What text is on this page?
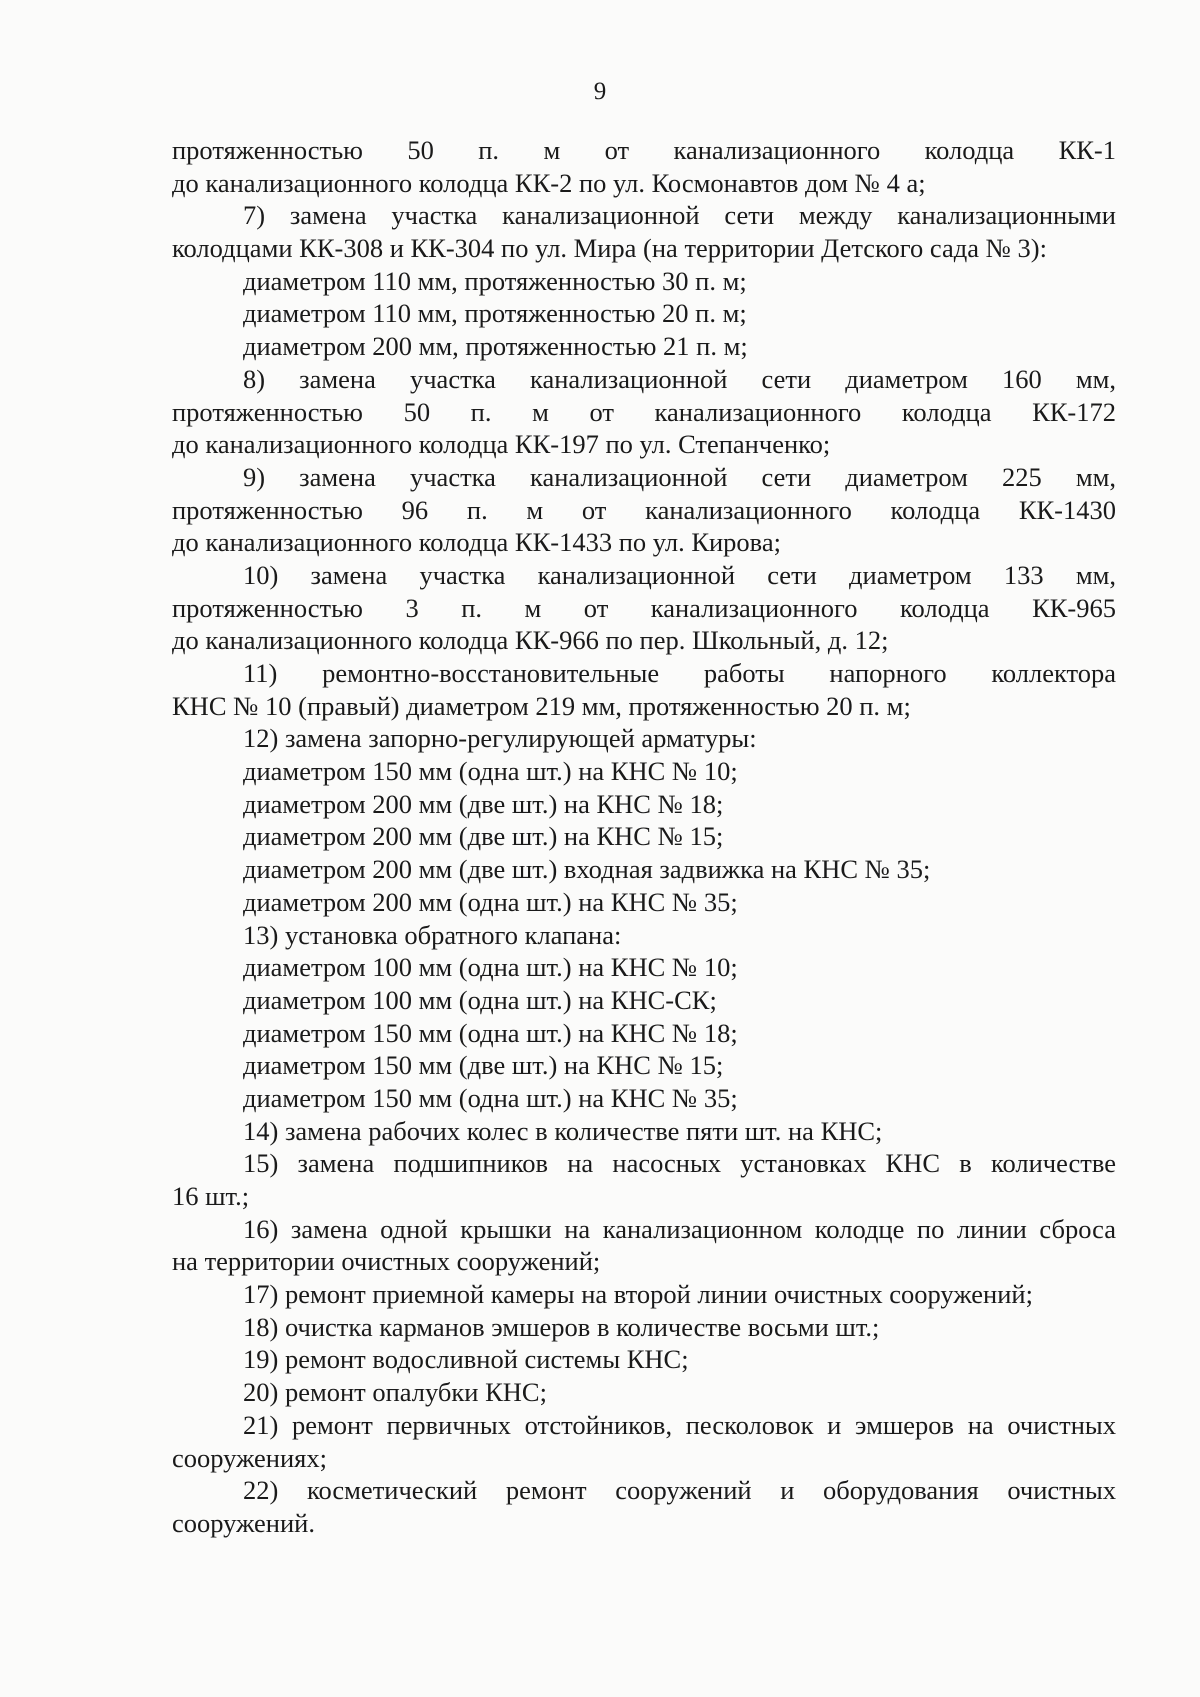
9
протяженностью 50 п. м от канализационного колодца КК-1
до канализационного колодца КК-2 по ул. Космонавтов дом № 4 а;
7) замена участка канализационной сети между канализационными
колодцами КК-308 и КК-304 по ул. Мира (на территории Детского сада № 3):
диаметром 110 мм, протяженностью 30 п. м;
диаметром 110 мм, протяженностью 20 п. м;
диаметром 200 мм, протяженностью 21 п. м;
8) замена участка канализационной сети диаметром 160 мм,
протяженностью 50 п. м от канализационного колодца КК-172
до канализационного колодца КК-197 по ул. Степанченко;
9) замена участка канализационной сети диаметром 225 мм,
протяженностью 96 п. м от канализационного колодца КК-1430
до канализационного колодца КК-1433 по ул. Кирова;
10) замена участка канализационной сети диаметром 133 мм,
протяженностью 3 п. м от канализационного колодца КК-965
до канализационного колодца КК-966 по пер. Школьный, д. 12;
11) ремонтно-восстановительные работы напорного коллектора
КНС № 10 (правый) диаметром 219 мм, протяженностью 20 п. м;
12) замена запорно-регулирующей арматуры:
диаметром 150 мм (одна шт.) на КНС № 10;
диаметром 200 мм (две шт.) на КНС № 18;
диаметром 200 мм (две шт.) на КНС № 15;
диаметром 200 мм (две шт.) входная задвижка на КНС № 35;
диаметром 200 мм (одна шт.) на КНС № 35;
13) установка обратного клапана:
диаметром 100 мм (одна шт.) на КНС № 10;
диаметром 100 мм (одна шт.) на КНС-СК;
диаметром 150 мм (одна шт.) на КНС № 18;
диаметром 150 мм (две шт.) на КНС № 15;
диаметром 150 мм (одна шт.) на КНС № 35;
14) замена рабочих колес в количестве пяти шт. на КНС;
15) замена подшипников на насосных установках КНС в количестве
16 шт.;
16) замена одной крышки на канализационном колодце по линии сброса
на территории очистных сооружений;
17) ремонт приемной камеры на второй линии очистных сооружений;
18) очистка карманов эмшеров в количестве восьми шт.;
19) ремонт водосливной системы КНС;
20) ремонт опалубки КНС;
21) ремонт первичных отстойников, песколовок и эмшеров на очистных
сооружениях;
22) косметический ремонт сооружений и оборудования очистных
сооружений.
